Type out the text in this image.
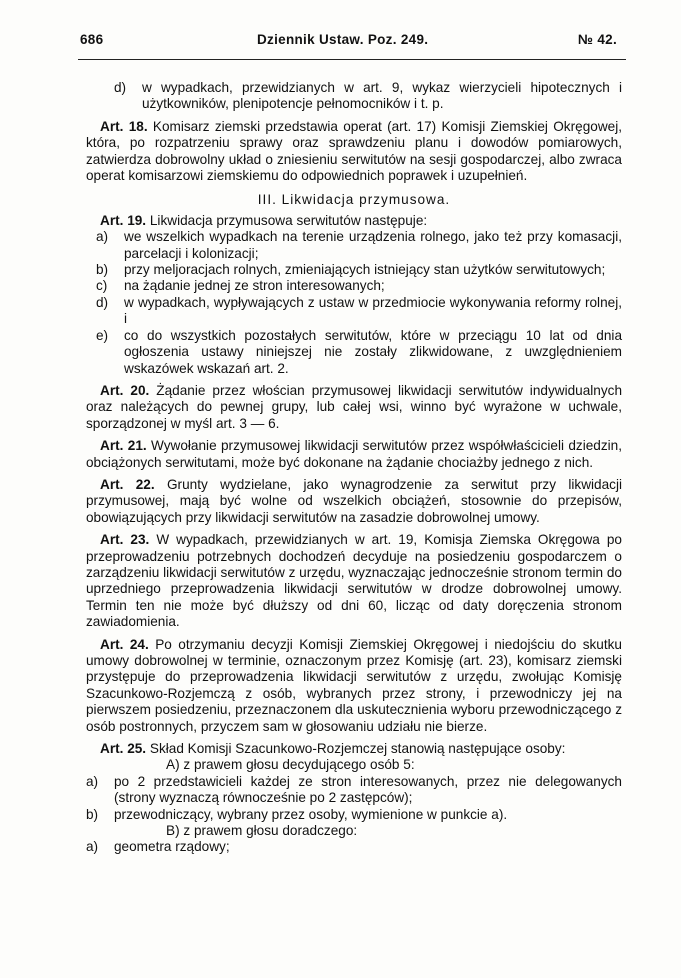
686	Dziennik Ustaw. Poz. 249.	№ 42.
d) w wypadkach, przewidzianych w art. 9, wykaz wierzycieli hipotecznych i użytkowników, plenipotencje pełnomocników i t. p.

Art. 18. Komisarz ziemski przedstawia operat (art. 17) Komisji Ziemskiej Okręgowej, która, po rozpatrzeniu sprawy oraz sprawdzeniu planu i dowodów pomiarowych, zatwierdza dobrowolny układ o zniesieniu serwitutów na sesji gospodarczej, albo zwraca operat komisarzowi ziemskiemu do odpowiednich poprawek i uzupełnień.

III. Likwidacja przymusowa.

Art. 19. Likwidacja przymusowa serwitutów następuje:

a) we wszelkich wypadkach na terenie urządzenia rolnego, jako też przy komasacji, parcelacji i kolonizacji;
b) przy meljoracjach rolnych, zmieniających istniejący stan użytków serwitutowych;
c) na żądanie jednej ze stron interesowanych;
d) w wypadkach, wypływających z ustaw w przedmiocie wykonywania reformy rolnej, i
e) co do wszystkich pozostałych serwitutów, które w przeciągu 10 lat od dnia ogłoszenia ustawy niniejszej nie zostały zlikwidowane, z uwzględnieniem wskazówek wskazań art. 2.

Art. 20. Żądanie przez włościan przymusowej likwidacji serwitutów indywidualnych oraz należących do pewnej grupy, lub całej wsi, winno być wyrażone w uchwale, sporządzonej w myśl art. 3 — 6.

Art. 21. Wywołanie przymusowej likwidacji serwitutów przez współwłaścicieli dziedzin, obciążonych serwitutami, może być dokonane na żądanie chociażby jednego z nich.

Art. 22. Grunty wydzielane, jako wynagrodzenie za serwitut przy likwidacji przymusowej, mają być wolne od wszelkich obciążeń, stosownie do przepisów, obowiązujących przy likwidacji serwitutów na zasadzie dobrowolnej umowy.

Art. 23. W wypadkach, przewidzianych w art. 19, Komisja Ziemska Okręgowa po przeprowadzeniu potrzebnych dochodzeń decyduje na posiedzeniu gospodarczem o zarządzeniu likwidacji serwitutów z urzędu, wyznaczając jednocześnie stronom termin do uprzedniego przeprowadzenia likwidacji serwitutów w drodze dobrowolnej umowy. Termin ten nie może być dłuższy od dni 60, licząc od daty doręczenia stronom zawiadomienia.

Art. 24. Po otrzymaniu decyzji Komisji Ziemskiej Okręgowej i niedojściu do skutku umowy dobrowolnej w terminie, oznaczonym przez Komisję (art. 23), komisarz ziemski przystępuje do przeprowadzenia likwidacji serwitutów z urzędu, zwołując Komisję Szacunkowo-Rozjemczą z osób, wybranych przez strony, i przewodniczy jej na pierwszem posiedzeniu, przeznaczonem dla uskutecznienia wyboru przewodniczącego z osób postronnych, przyczem sam w głosowaniu udziału nie bierze.

Art. 25. Skład Komisji Szacunkowo-Rozjemczej stanowią następujące osoby:

A) z prawem głosu decydującego osób 5:
a) po 2 przedstawicieli każdej ze stron interesowanych, przez nie delegowanych (strony wyznaczą równocześnie po 2 zastępców);
b) przewodniczący, wybrany przez osoby, wymienione w punkcie a).
B) z prawem głosu doradczego:
a) geometra rządowy;
